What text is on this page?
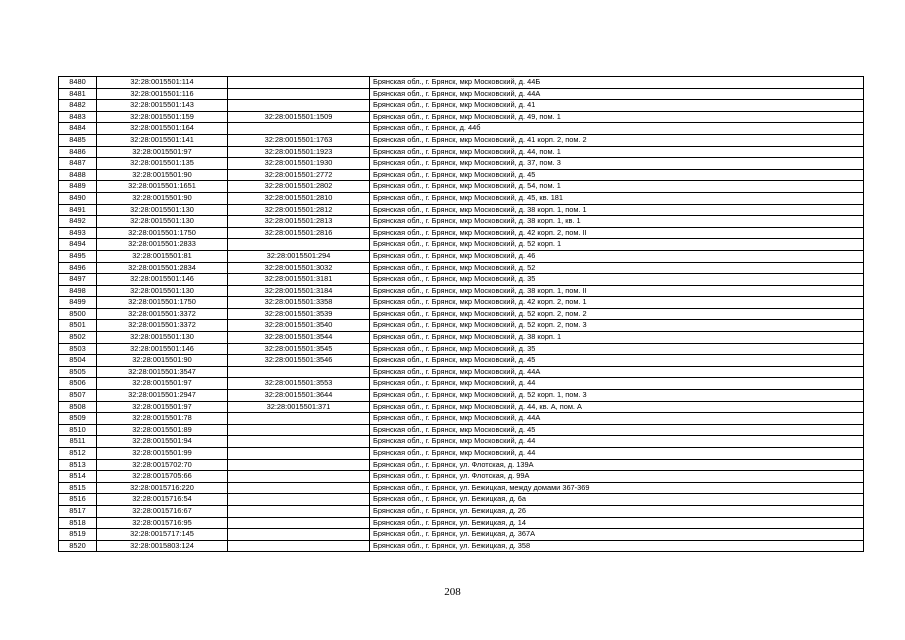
8480	32:28:0015501:114		Брянская обл., г. Брянск, мкр Московский, д. 44Б
8481	32:28:0015501:116		Брянская обл., г. Брянск, мкр Московский, д. 44А
8482	32:28:0015501:143		Брянская обл., г. Брянск, мкр Московский, д. 41
8483	32:28:0015501:159	32:28:0015501:1509	Брянская обл., г. Брянск, мкр Московский, д. 49, пом. 1
8484	32:28:0015501:164		Брянская обл., г. Брянск, д. 44б
8485	32:28:0015501:141	32:28:0015501:1763	Брянская обл., г. Брянск, мкр Московский, д. 41 корп. 2, пом. 2
8486	32:28:0015501:97	32:28:0015501:1923	Брянская обл., г. Брянск, мкр Московский, д. 44, пом. 1
8487	32:28:0015501:135	32:28:0015501:1930	Брянская обл., г. Брянск, мкр Московский, д. 37, пом. 3
8488	32:28:0015501:90	32:28:0015501:2772	Брянская обл., г. Брянск, мкр Московский, д. 45
8489	32:28:0015501:1651	32:28:0015501:2802	Брянская обл., г. Брянск, мкр Московский, д. 54, пом. 1
8490	32:28:0015501:90	32:28:0015501:2810	Брянская обл., г. Брянск, мкр Московский, д. 45, кв. 181
8491	32:28:0015501:130	32:28:0015501:2812	Брянская обл., г. Брянск, мкр Московский, д. 38 корп. 1, пом. 1
8492	32:28:0015501:130	32:28:0015501:2813	Брянская обл., г. Брянск, мкр Московский, д. 38 корп. 1, кв. 1
8493	32:28:0015501:1750	32:28:0015501:2816	Брянская обл., г. Брянск, мкр Московский, д. 42 корп. 2, пом. II
8494	32:28:0015501:2833		Брянская обл., г. Брянск, мкр Московский, д. 52 корп. 1
8495	32:28:0015501:81	32:28:0015501:294	Брянская обл., г. Брянск, мкр Московский, д. 46
8496	32:28:0015501:2834	32:28:0015501:3032	Брянская обл., г. Брянск, мкр Московский, д. 52
8497	32:28:0015501:146	32:28:0015501:3181	Брянская обл., г. Брянск, мкр Московский, д. 35
8498	32:28:0015501:130	32:28:0015501:3184	Брянская обл., г. Брянск, мкр Московский, д. 38 корп. 1, пом. II
8499	32:28:0015501:1750	32:28:0015501:3358	Брянская обл., г. Брянск, мкр Московский, д. 42 корп. 2, пом. 1
8500	32:28:0015501:3372	32:28:0015501:3539	Брянская обл., г. Брянск, мкр Московский, д. 52 корп. 2, пом. 2
8501	32:28:0015501:3372	32:28:0015501:3540	Брянская обл., г. Брянск, мкр Московский, д. 52 корп. 2, пом. 3
8502	32:28:0015501:130	32:28:0015501:3544	Брянская обл., г. Брянск, мкр Московский, д. 38 корп. 1
8503	32:28:0015501:146	32:28:0015501:3545	Брянская обл., г. Брянск, мкр Московский, д. 35
8504	32:28:0015501:90	32:28:0015501:3546	Брянская обл., г. Брянск, мкр Московский, д. 45
8505	32:28:0015501:3547		Брянская обл., г. Брянск, мкр Московский, д. 44А
8506	32:28:0015501:97	32:28:0015501:3553	Брянская обл., г. Брянск, мкр Московский, д. 44
8507	32:28:0015501:2947	32:28:0015501:3644	Брянская обл., г. Брянск, мкр Московский, д. 52 корп. 1, пом. 3
8508	32:28:0015501:97	32:28:0015501:371	Брянская обл., г. Брянск, мкр Московский, д. 44, кв. А, пом. А
8509	32:28:0015501:78		Брянская обл., г. Брянск, мкр Московский, д. 44А
8510	32:28:0015501:89		Брянская обл., г. Брянск, мкр Московский, д. 45
8511	32:28:0015501:94		Брянская обл., г. Брянск, мкр Московский, д. 44
8512	32:28:0015501:99		Брянская обл., г. Брянск, мкр Московский, д. 44
8513	32:28:0015702:70		Брянская обл., г. Брянск, ул. Флотская, д. 139А
8514	32:28:0015705:66		Брянская обл., г. Брянск, ул. Флотская, д. 99А
8515	32:28:0015716:220		Брянская обл., г. Брянск, ул. Бежицкая, между домами 367-369
8516	32:28:0015716:54		Брянская обл., г. Брянск, ул. Бежицкая, д. 6а
8517	32:28:0015716:67		Брянская обл., г. Брянск, ул. Бежицкая, д. 26
8518	32:28:0015716:95		Брянская обл., г. Брянск, ул. Бежицкая, д. 14
8519	32:28:0015717:145		Брянская обл., г. Брянск, ул. Бежицкая, д. 367А
8520	32:28:0015803:124		Брянская обл., г. Брянск, ул. Бежицкая, д. 358
208
